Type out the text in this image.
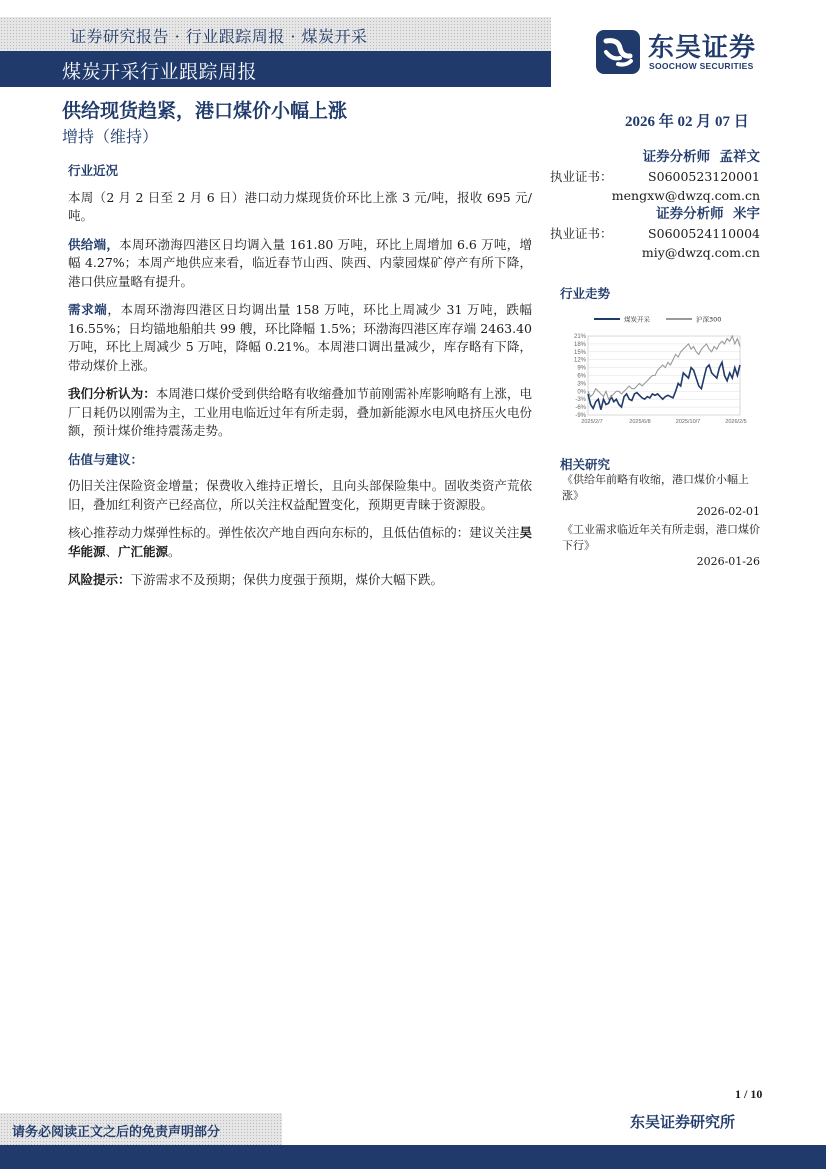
证券研究报告 · 行业跟踪周报 · 煤炭开采
煤炭开采行业跟踪周报
东吴证券
SOOCHOW SECURITIES
供给现货趋紧，港口煤价小幅上涨
增持（维持）
2026 年 02 月 07 日
证券分析师 孟祥文
执业证书：	S0600523120001
mengxw@dwzq.com.cn
证券分析师 米宇
执业证书：	S0600524110004
miy@dwzq.com.cn
行业走势
21%
18%
15%
12%
9%
6%
3%
0%
-3%
-6%
-9%
2025/2/7	2025/6/8	2025/10/7	2026/2/5
煤炭开采	沪深300
相关研究
《供给年前略有收缩，港口煤价小幅上涨》
2026-02-01
《工业需求临近年关有所走弱，港口煤价下行》
2026-01-26
行业近况

本周（2 月 2 日至 2 月 6 日）港口动力煤现货价环比上涨 3 元/吨，报收 695 元/吨。

供给端，本周环渤海四港区日均调入量 161.80 万吨，环比上周增加 6.6 万吨，增幅 4.27%；本周产地供应来看，临近春节山西、陕西、内蒙园煤矿停产有所下降，港口供应量略有提升。

需求端，本周环渤海四港区日均调出量 158 万吨，环比上周减少 31 万吨，跌幅 16.55%；日均锚地船舶共 99 艘，环比降幅 1.5%；环渤海四港区库存端 2463.40 万吨，环比上周减少 5 万吨，降幅 0.21%。本周港口调出量减少，库存略有下降，带动煤价上涨。

我们分析认为：本周港口煤价受到供给略有收缩叠加节前刚需补库影响略有上涨，电厂日耗仍以刚需为主，工业用电临近过年有所走弱，叠加新能源水电风电挤压火电份额，预计煤价维持震荡走势。

估值与建议：

仍旧关注保险资金增量；保费收入维持正增长，且向头部保险集中。固收类资产荒依旧，叠加红利资产已经高位，所以关注权益配置变化，预期更青睐于资源股。

核心推荐动力煤弹性标的。弹性依次产地自西向东标的，且低估值标的：建议关注昊华能源、广汇能源。

风险提示：下游需求不及预期；保供力度强于预期，煤价大幅下跌。

1 / 10
请务必阅读正文之后的免责声明部分
东吴证券研究所
